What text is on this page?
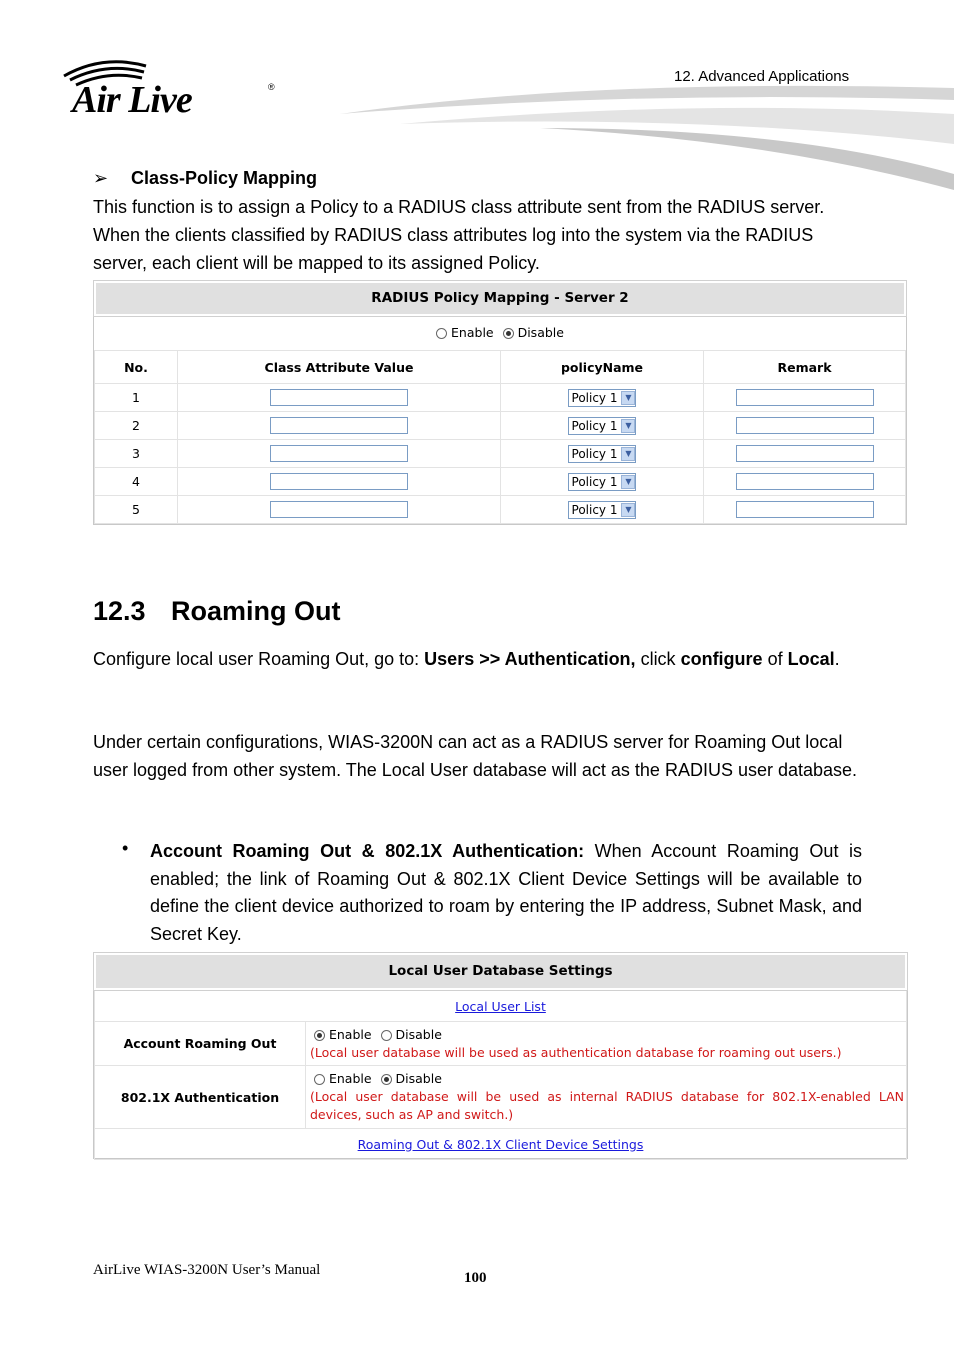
Air Live	®
12. Advanced Applications
➢ Class-Policy Mapping
This function is to assign a Policy to a RADIUS class attribute sent from the RADIUS server. When the clients classified by RADIUS class attributes log into the system via the RADIUS server, each client will be mapped to its assigned Policy.
RADIUS Policy Mapping - Server 2
Enable Disable
No.	Class Attribute Value	policyName	Remark
1		Policy 1 ▼	
2		Policy 1 ▼	
3		Policy 1 ▼	
4		Policy 1 ▼	
5		Policy 1 ▼	
12.3 Roaming Out
Configure local user Roaming Out, go to: Users >> Authentication, click configure of Local.
Under certain configurations, WIAS-3200N can act as a RADIUS server for Roaming Out local user logged from other system. The Local User database will act as the RADIUS user database.
• Account Roaming Out & 802.1X Authentication: When Account Roaming Out is enabled; the link of Roaming Out & 802.1X Client Device Settings will be available to define the client device authorized to roam by entering the IP address, Subnet Mask, and Secret Key.
Local User Database Settings
Local User List	
Account Roaming Out	Enable Disable
(Local user database will be used as authentication database for roaming out users.)

802.1X Authentication	Enable Disable
(Local user database will be used as internal RADIUS database for 802.1X-enabled LAN devices, such as AP and switch.)

Roaming Out & 802.1X Client Device Settings	
AirLive WIAS-3200N User’s Manual	100
